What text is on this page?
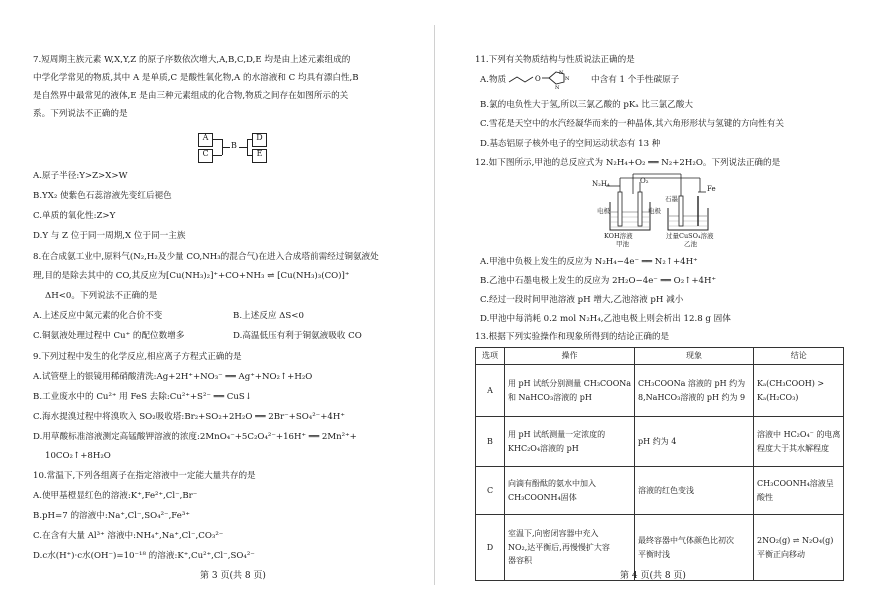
7.短周期主族元素 W,X,Y,Z 的原子序数依次增大,A,B,C,D,E 均是由上述元素组成的
中学化学常见的物质,其中 A 是单质,C 是酸性氧化物,A 的水溶液和 C 均具有漂白性,B
是自然界中最常见的液体,E 是由三种元素组成的化合物,物质之间存在如图所示的关
系。下列说法不正确的是
A
C
D
E
B
A.原子半径:Y>Z>X>W
B.YX₂ 使紫色石蕊溶液先变红后褪色
C.单质的氧化性:Z>Y
D.Y 与 Z 位于同一周期,X 位于同一主族
8.在合成氨工业中,原料气(N₂,H₂及少量 CO,NH₃的混合气)在进入合成塔前需经过铜氨液处
理,目的是除去其中的 CO,其反应为[Cu(NH₃)₂]⁺+CO+NH₃ ⇌ [Cu(NH₃)₃(CO)]⁺
ΔH<0。下列说法不正确的是
A.上述反应中氮元素的化合价不变	B.上述反应 ΔS<0
C.铜氨液处理过程中 Cu⁺ 的配位数增多	D.高温低压有利于铜氨液吸收 CO
9.下列过程中发生的化学反应,相应离子方程式正确的是
A.试管壁上的银镜用稀硝酸清洗:Ag+2H⁺+NO₃⁻ ══ Ag⁺+NO₂↑+H₂O
B.工业废水中的 Cu²⁺ 用 FeS 去除:Cu²⁺+S²⁻ ══ CuS↓
C.海水提溴过程中将溴吹入 SO₂吸收塔:Br₂+SO₂+2H₂O ══ 2Br⁻+SO₄²⁻+4H⁺
D.用草酸标准溶液测定高锰酸钾溶液的浓度:2MnO₄⁻+5C₂O₄²⁻+16H⁺ ══ 2Mn²⁺+
10CO₂↑+8H₂O
10.常温下,下列各组离子在指定溶液中一定能大量共存的是
A.使甲基橙显红色的溶液:K⁺,Fe²⁺,Cl⁻,Br⁻
B.pH=7 的溶液中:Na⁺,Cl⁻,SO₄²⁻,Fe³⁺
C.在含有大量 Al³⁺ 溶液中:NH₄⁺,Na⁺,Cl⁻,CO₃²⁻
D.c水(H⁺)·c水(OH⁻)=10⁻¹⁸ 的溶液:K⁺,Cu²⁺,Cl⁻,SO₄²⁻
第 3 页(共 8 页)
11.下列有关物质结构与性质说法正确的是
A.物质	O
N
N
N
中含有 1 个手性碳原子
B.氯的电负性大于氢,所以三氯乙酸的 pKₐ 比三氯乙酸大
C.雪花是天空中的水汽经凝华而来的一种晶体,其六角形形状与氢键的方向性有关
D.基态铝原子核外电子的空间运动状态有 13 种
12.如下图所示,甲池的总反应式为 N₂H₄+O₂ ══ N₂+2H₂O。下列说法正确的是
N₂H₄	O₂
Fe
电极	电极
石墨
KOH溶液
甲池
过量CuSO₄溶液
乙池
A.甲池中负极上发生的反应为 N₂H₄−4e⁻ ══ N₂↑+4H⁺
B.乙池中石墨电极上发生的反应为 2H₂O−4e⁻ ══ O₂↑+4H⁺
C.经过一段时间甲池溶液 pH 增大,乙池溶液 pH 减小
D.甲池中每消耗 0.2 mol N₂H₄,乙池电极上则会析出 12.8 g 固体
13.根据下列实验操作和现象所得到的结论正确的是
选项	操作	现象	结论
A	用 pH 试纸分别测量 CH₃COONa
和 NaHCO₃溶液的 pH	CH₃COONa 溶液的 pH 约为
8,NaHCO₃溶液的 pH 约为 9	Kₐ(CH₃COOH) >
Kₐ(H₂CO₃)

B	用 pH 试纸测量一定浓度的
KHC₂O₄溶液的 pH	pH 约为 4	溶液中 HC₂O₄⁻ 的电离
程度大于其水解程度

C	向滴有酚酞的氨水中加入
CH₃COONH₄固体	溶液的红色变浅	CH₃COONH₄溶液呈
酸性

D	室温下,向密闭容器中充入
NO₂,达平衡后,再慢慢扩大容
器容积	最终容器中气体颜色比初次
平衡时浅	2NO₂(g) ⇌ N₂O₄(g)
平衡正向移动
第 4 页(共 8 页)
